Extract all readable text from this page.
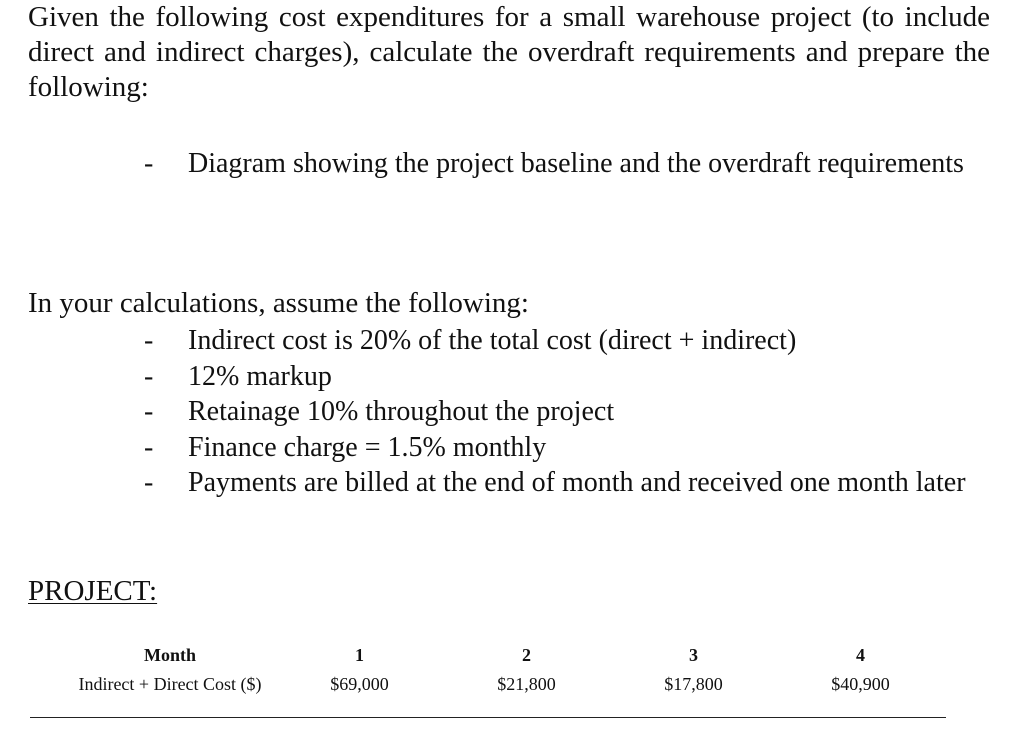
Given the following cost expenditures for a small warehouse project (to include direct and indirect charges), calculate the overdraft requirements and prepare the following:

-	Diagram showing the project baseline and the overdraft requirements

In your calculations, assume the following:

-	Indirect cost is 20% of the total cost (direct + indirect)
-	12% markup
-	Retainage 10% throughout the project
-	Finance charge = 1.5% monthly
-	Payments are billed at the end of month and received one month later

PROJECT:

Month	1	2	3	4
Indirect + Direct Cost ($)	$69,000	$21,800	$17,800	$40,900
